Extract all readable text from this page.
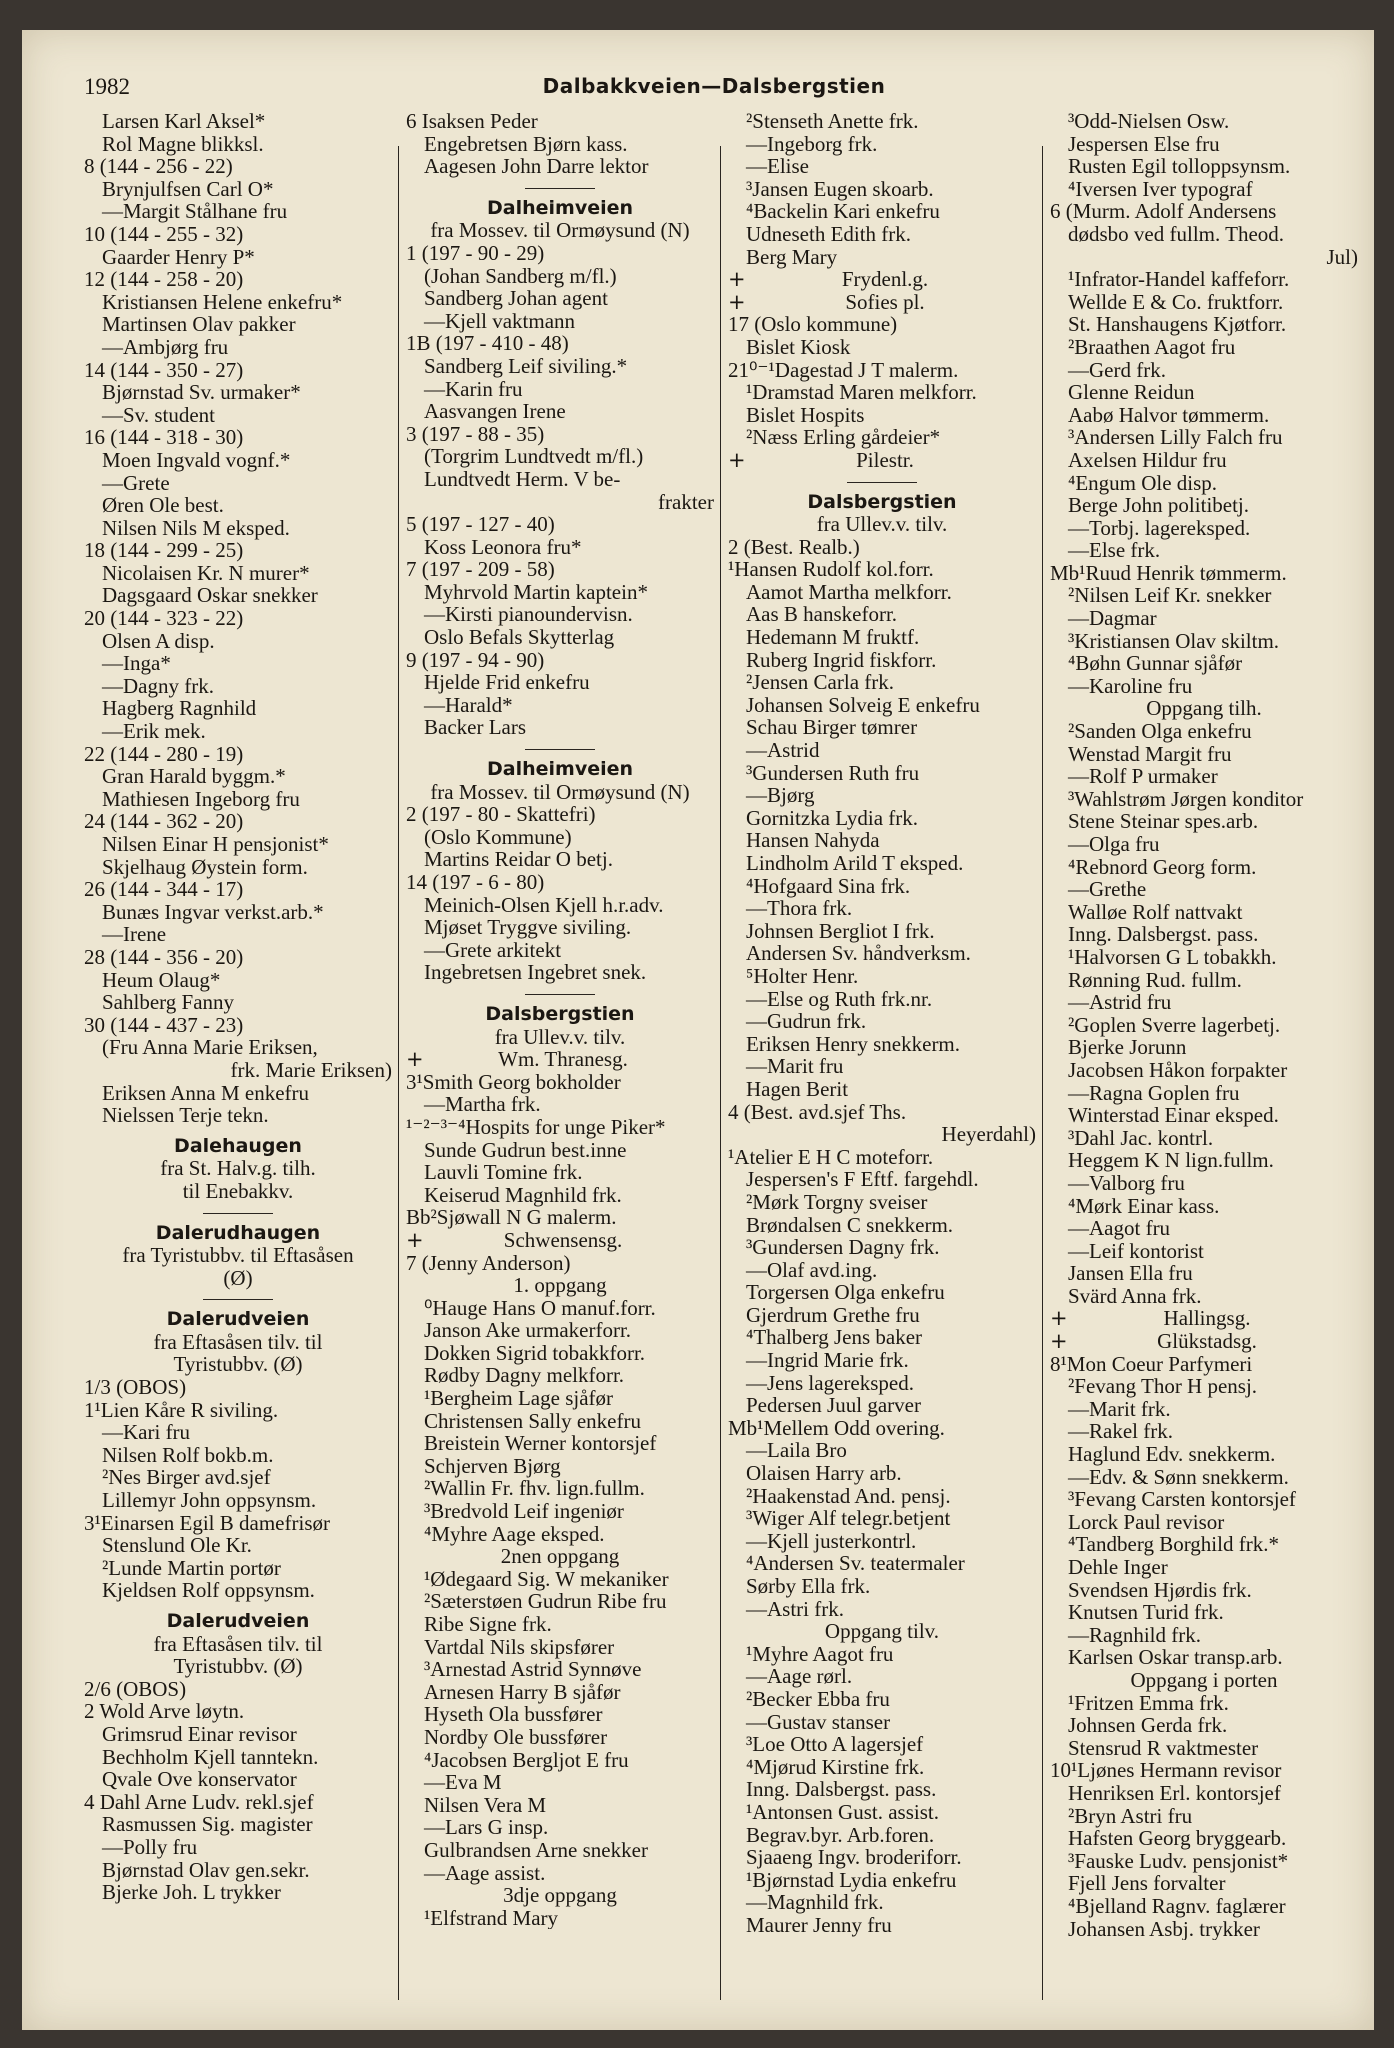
1982	Dalbakkveien—Dalsbergstien
Larsen Karl Aksel*
Rol Magne blikksl.
8 (144 - 256 - 22)
Brynjulfsen Carl O*
—Margit Stålhane fru
10 (144 - 255 - 32)
Gaarder Henry P*
12 (144 - 258 - 20)
Kristiansen Helene enkefru*
Martinsen Olav pakker
—Ambjørg fru
14 (144 - 350 - 27)
Bjørnstad Sv. urmaker*
—Sv. student
16 (144 - 318 - 30)
Moen Ingvald vognf.*
—Grete
Øren Ole best.
Nilsen Nils M eksped.
18 (144 - 299 - 25)
Nicolaisen Kr. N murer*
Dagsgaard Oskar snekker
20 (144 - 323 - 22)
Olsen A disp.
—Inga*
—Dagny frk.
Hagberg Ragnhild
—Erik mek.
22 (144 - 280 - 19)
Gran Harald byggm.*
Mathiesen Ingeborg fru
24 (144 - 362 - 20)
Nilsen Einar H pensjonist*
Skjelhaug Øystein form.
26 (144 - 344 - 17)
Bunæs Ingvar verkst.arb.*
—Irene
28 (144 - 356 - 20)
Heum Olaug*
Sahlberg Fanny
30 (144 - 437 - 23)
(Fru Anna Marie Eriksen,
frk. Marie Eriksen)
Eriksen Anna M enkefru
Nielssen Terje tekn.
Dalehaugen
fra St. Halv.g. tilh.
til Enebakkv.
Dalerudhaugen
fra Tyristubbv. til Eftasåsen
(Ø)
Dalerudveien
fra Eftasåsen tilv. til
Tyristubbv. (Ø)
1/3 (OBOS)
1¹Lien Kåre R siviling.
—Kari fru
Nilsen Rolf bokb.m.
²Nes Birger avd.sjef
Lillemyr John oppsynsm.
3¹Einarsen Egil B damefrisør
Stenslund Ole Kr.
²Lunde Martin portør
Kjeldsen Rolf oppsynsm.
Dalerudveien
fra Eftasåsen tilv. til
Tyristubbv. (Ø)
2/6 (OBOS)
2 Wold Arve løytn.
Grimsrud Einar revisor
Bechholm Kjell tanntekn.
Qvale Ove konservator
4 Dahl Arne Ludv. rekl.sjef
Rasmussen Sig. magister
—Polly fru
Bjørnstad Olav gen.sekr.
Bjerke Joh. L trykker
6 Isaksen Peder
Engebretsen Bjørn kass.
Aagesen John Darre lektor
Dalheimveien
fra Mossev. til Ormøysund (N)
1 (197 - 90 - 29)
(Johan Sandberg m/fl.)
Sandberg Johan agent
—Kjell vaktmann
1B (197 - 410 - 48)
Sandberg Leif siviling.*
—Karin fru
Aasvangen Irene
3 (197 - 88 - 35)
(Torgrim Lundtvedt m/fl.)
Lundtvedt Herm. V be-
frakter
5 (197 - 127 - 40)
Koss Leonora fru*
7 (197 - 209 - 58)
Myhrvold Martin kaptein*
—Kirsti pianoundervisn.
Oslo Befals Skytterlag
9 (197 - 94 - 90)
Hjelde Frid enkefru
—Harald*
Backer Lars
Dalheimveien
fra Mossev. til Ormøysund (N)
2 (197 - 80 - Skattefri)
(Oslo Kommune)
Martins Reidar O betj.
14 (197 - 6 - 80)
Meinich-Olsen Kjell h.r.adv.
Mjøset Tryggve siviling.
—Grete arkitekt
Ingebretsen Ingebret snek.
Dalsbergstien
fra Ullev.v. tilv.
+	Wm. Thranesg.
3¹Smith Georg bokholder
—Martha frk.
¹⁻²⁻³⁻⁴Hospits for unge Piker*
Sunde Gudrun best.inne
Lauvli Tomine frk.
Keiserud Magnhild frk.
Bb²Sjøwall N G malerm.
+	Schwensensg.
7 (Jenny Anderson)
1. oppgang
⁰Hauge Hans O manuf.forr.
Janson Ake urmakerforr.
Dokken Sigrid tobakkforr.
Rødby Dagny melkforr.
¹Bergheim Lage sjåfør
Christensen Sally enkefru
Breistein Werner kontorsjef
Schjerven Bjørg
²Wallin Fr. fhv. lign.fullm.
³Bredvold Leif ingeniør
⁴Myhre Aage eksped.
2nen oppgang
¹Ødegaard Sig. W mekaniker
²Sæterstøen Gudrun Ribe fru
Ribe Signe frk.
Vartdal Nils skipsfører
³Arnestad Astrid Synnøve
Arnesen Harry B sjåfør
Hyseth Ola bussfører
Nordby Ole bussfører
⁴Jacobsen Bergljot E fru
—Eva M
Nilsen Vera M
—Lars G insp.
Gulbrandsen Arne snekker
—Aage assist.
3dje oppgang
¹Elfstrand Mary
²Stenseth Anette frk.
—Ingeborg frk.
—Elise
³Jansen Eugen skoarb.
⁴Backelin Kari enkefru
Udneseth Edith frk.
Berg Mary
+	Frydenl.g.
+	Sofies pl.
17 (Oslo kommune)
Bislet Kiosk
21⁰⁻¹Dagestad J T malerm.
¹Dramstad Maren melkforr.
Bislet Hospits
²Næss Erling gårdeier*
+	Pilestr.
Dalsbergstien
fra Ullev.v. tilv.
2 (Best. Realb.)
¹Hansen Rudolf kol.forr.
Aamot Martha melkforr.
Aas B hanskeforr.
Hedemann M fruktf.
Ruberg Ingrid fiskforr.
²Jensen Carla frk.
Johansen Solveig E enkefru
Schau Birger tømrer
—Astrid
³Gundersen Ruth fru
—Bjørg
Gornitzka Lydia frk.
Hansen Nahyda
Lindholm Arild T eksped.
⁴Hofgaard Sina frk.
—Thora frk.
Johnsen Bergliot I frk.
Andersen Sv. håndverksm.
⁵Holter Henr.
—Else og Ruth frk.nr.
—Gudrun frk.
Eriksen Henry snekkerm.
—Marit fru
Hagen Berit
4 (Best. avd.sjef Ths.
Heyerdahl)
¹Atelier E H C moteforr.
Jespersen's F Eftf. fargehdl.
²Mørk Torgny sveiser
Brøndalsen C snekkerm.
³Gundersen Dagny frk.
—Olaf avd.ing.
Torgersen Olga enkefru
Gjerdrum Grethe fru
⁴Thalberg Jens baker
—Ingrid Marie frk.
—Jens lagereksped.
Pedersen Juul garver
Mb¹Mellem Odd overing.
—Laila Bro
Olaisen Harry arb.
²Haakenstad And. pensj.
³Wiger Alf telegr.betjent
—Kjell justerkontrl.
⁴Andersen Sv. teatermaler
Sørby Ella frk.
—Astri frk.
Oppgang tilv.
¹Myhre Aagot fru
—Aage rørl.
²Becker Ebba fru
—Gustav stanser
³Loe Otto A lagersjef
⁴Mjørud Kirstine frk.
Inng. Dalsbergst. pass.
¹Antonsen Gust. assist.
Begrav.byr. Arb.foren.
Sjaaeng Ingv. broderiforr.
¹Bjørnstad Lydia enkefru
—Magnhild frk.
Maurer Jenny fru
³Odd-Nielsen Osw.
Jespersen Else fru
Rusten Egil tolloppsynsm.
⁴Iversen Iver typograf
6 (Murm. Adolf Andersens
dødsbo ved fullm. Theod.
Jul)
¹Infrator-Handel kaffeforr.
Wellde E & Co. fruktforr.
St. Hanshaugens Kjøtforr.
²Braathen Aagot fru
—Gerd frk.
Glenne Reidun
Aabø Halvor tømmerm.
³Andersen Lilly Falch fru
Axelsen Hildur fru
⁴Engum Ole disp.
Berge John politibetj.
—Torbj. lagereksped.
—Else frk.
Mb¹Ruud Henrik tømmerm.
²Nilsen Leif Kr. snekker
—Dagmar
³Kristiansen Olav skiltm.
⁴Bøhn Gunnar sjåfør
—Karoline fru
Oppgang tilh.
²Sanden Olga enkefru
Wenstad Margit fru
—Rolf P urmaker
³Wahlstrøm Jørgen konditor
Stene Steinar spes.arb.
—Olga fru
⁴Rebnord Georg form.
—Grethe
Walløe Rolf nattvakt
Inng. Dalsbergst. pass.
¹Halvorsen G L tobakkh.
Rønning Rud. fullm.
—Astrid fru
²Goplen Sverre lagerbetj.
Bjerke Jorunn
Jacobsen Håkon forpakter
—Ragna Goplen fru
Winterstad Einar eksped.
³Dahl Jac. kontrl.
Heggem K N lign.fullm.
—Valborg fru
⁴Mørk Einar kass.
—Aagot fru
—Leif kontorist
Jansen Ella fru
Svärd Anna frk.
+	Hallingsg.
+	Glükstadsg.
8¹Mon Coeur Parfymeri
²Fevang Thor H pensj.
—Marit frk.
—Rakel frk.
Haglund Edv. snekkerm.
—Edv. & Sønn snekkerm.
³Fevang Carsten kontorsjef
Lorck Paul revisor
⁴Tandberg Borghild frk.*
Dehle Inger
Svendsen Hjørdis frk.
Knutsen Turid frk.
—Ragnhild frk.
Karlsen Oskar transp.arb.
Oppgang i porten
¹Fritzen Emma frk.
Johnsen Gerda frk.
Stensrud R vaktmester
10¹Ljønes Hermann revisor
Henriksen Erl. kontorsjef
²Bryn Astri fru
Hafsten Georg bryggearb.
³Fauske Ludv. pensjonist*
Fjell Jens forvalter
⁴Bjelland Ragnv. faglærer
Johansen Asbj. trykker
